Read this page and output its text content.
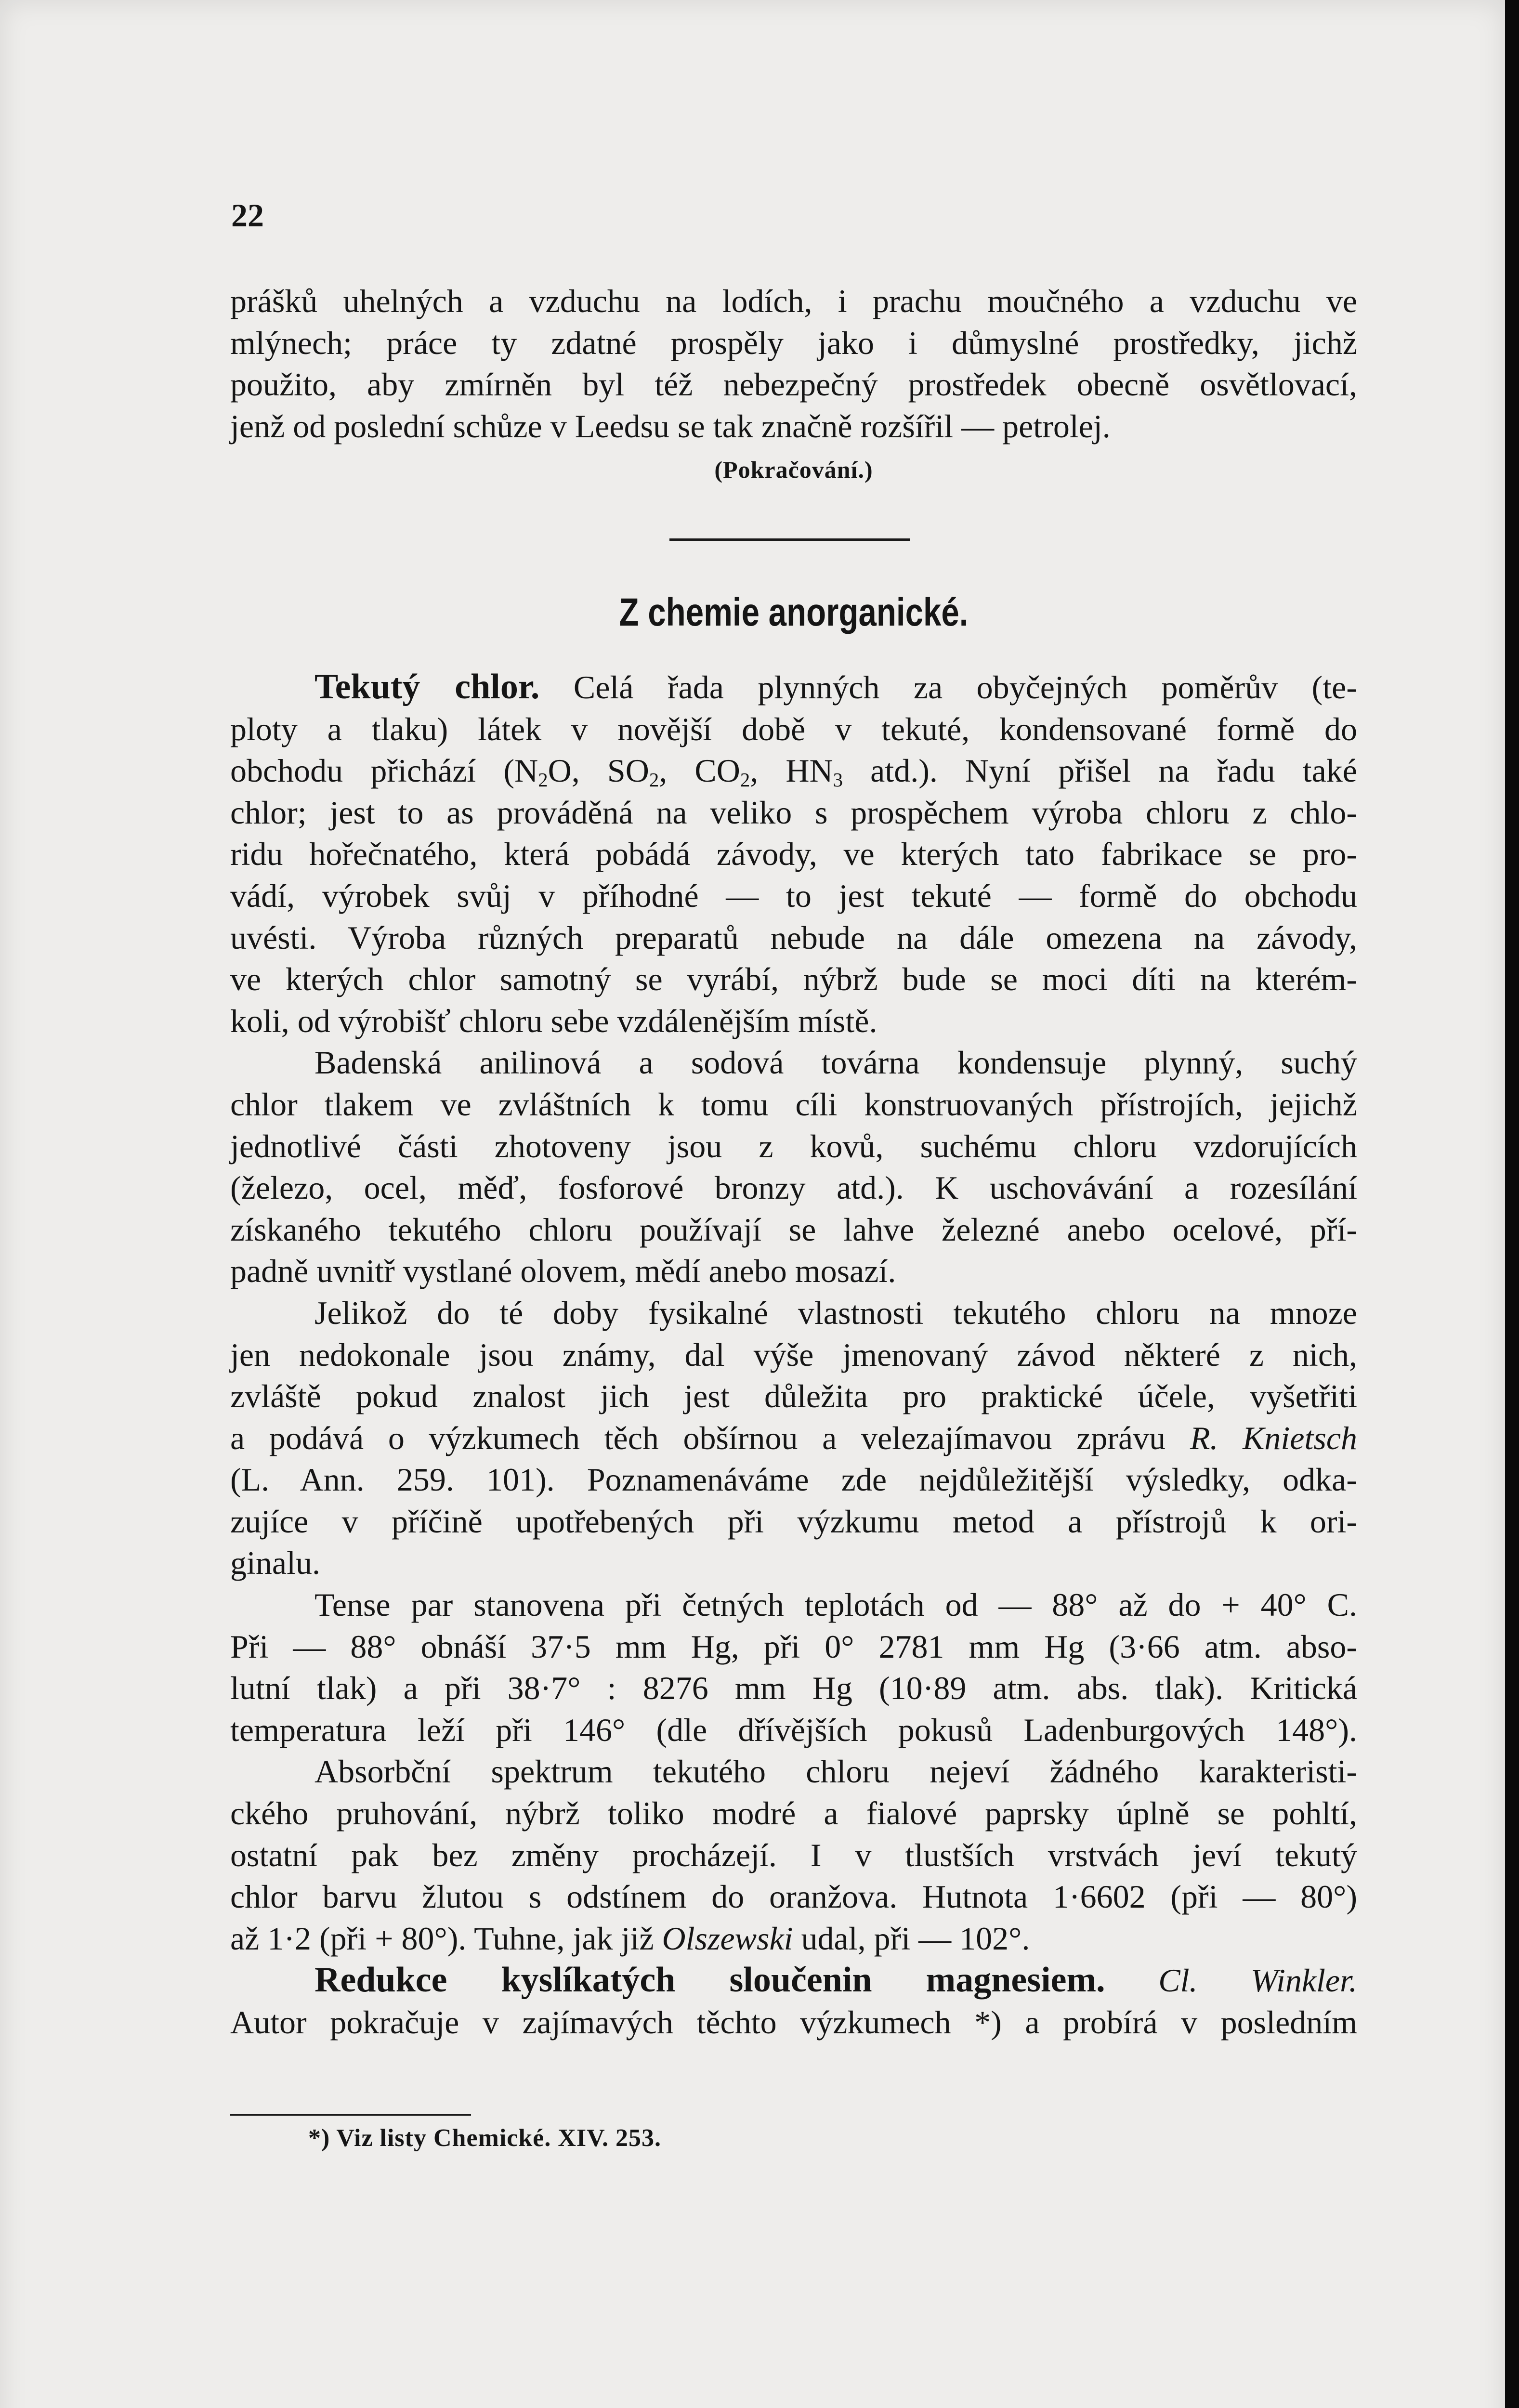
22

prášků uhelných a vzduchu na lodích, i prachu moučného a vzduchu ve
mlýnech; práce ty zdatné prospěly jako i důmyslné prostředky, jichž
použito, aby zmírněn byl též nebezpečný prostředek obecně osvětlovací,
jenž od poslední schůze v Leedsu se tak značně rozšířil — petrolej.

(Pokračování.)
Z chemie anorganické.

Tekutý chlor. Celá řada plynných za obyčejných poměrův (te-
ploty a tlaku) látek v novější době v tekuté, kondensované formě do
obchodu přichází ($N_2O$, $SO_2$, $CO_2$, $HN_3$ atd.). Nyní přišel na řadu také
chlor; jest to as prováděná na veliko s prospěchem výroba chloru z chlo-
ridu hořečnatého, která pobádá závody, ve kterých tato fabrikace se pro-
vádí, výrobek svůj v příhodné — to jest tekuté — formě do obchodu
uvésti. Výroba různých preparatů nebude na dále omezena na závody,
ve kterých chlor samotný se vyrábí, nýbrž bude se moci díti na kterém-
koli, od výrobišť chloru sebe vzdálenějším místě.
Badenská anilinová a sodová továrna kondensuje plynný, suchý
chlor tlakem ve zvláštních k tomu cíli konstruovaných přístrojích, jejichž
jednotlivé části zhotoveny jsou z kovů, suchému chloru vzdorujících
(železo, ocel, měď, fosforové bronzy atd.). K uschovávání a rozesílání
získaného tekutého chloru používají se lahve železné anebo ocelové, pří-
padně uvnitř vystlané olovem, mědí anebo mosazí.
Jelikož do té doby fysikalné vlastnosti tekutého chloru na mnoze
jen nedokonale jsou známy, dal výše jmenovaný závod některé z nich,
zvláště pokud znalost jich jest důležita pro praktické účele, vyšetřiti
a podává o výzkumech těch obšírnou a velezajímavou zprávu R. Knietsch
(L. Ann. 259. 101). Poznamenáváme zde nejdůležitější výsledky, odka-
zujíce v příčině upotřebených při výzkumu metod a přístrojů k ori-
ginalu.
Tense par stanovena při četných teplotách od — 88° až do + 40° C.
Při — 88° obnáší 37·5 mm Hg, při 0° 2781 mm Hg (3·66 atm. abso-
lutní tlak) a při 38·7° : 8276 mm Hg (10·89 atm. abs. tlak). Kritická
temperatura leží při 146° (dle dřívějších pokusů Ladenburgových 148°).
Absorbční spektrum tekutého chloru nejeví žádného karakteristi-
ckého pruhování, nýbrž toliko modré a fialové paprsky úplně se pohltí,
ostatní pak bez změny procházejí. I v tlustších vrstvách jeví tekutý
chlor barvu žlutou s odstínem do oranžova. Hutnota 1·6602 (při — 80°)
až 1·2 (při + 80°). Tuhne, jak již Olszewski udal, při — 102°.
Redukce kyslíkatých sloučenin magnesiem. Cl. Winkler.
Autor pokračuje v zajímavých těchto výzkumech *) a probírá v posledním

*) Viz listy Chemické. XIV. 253.
